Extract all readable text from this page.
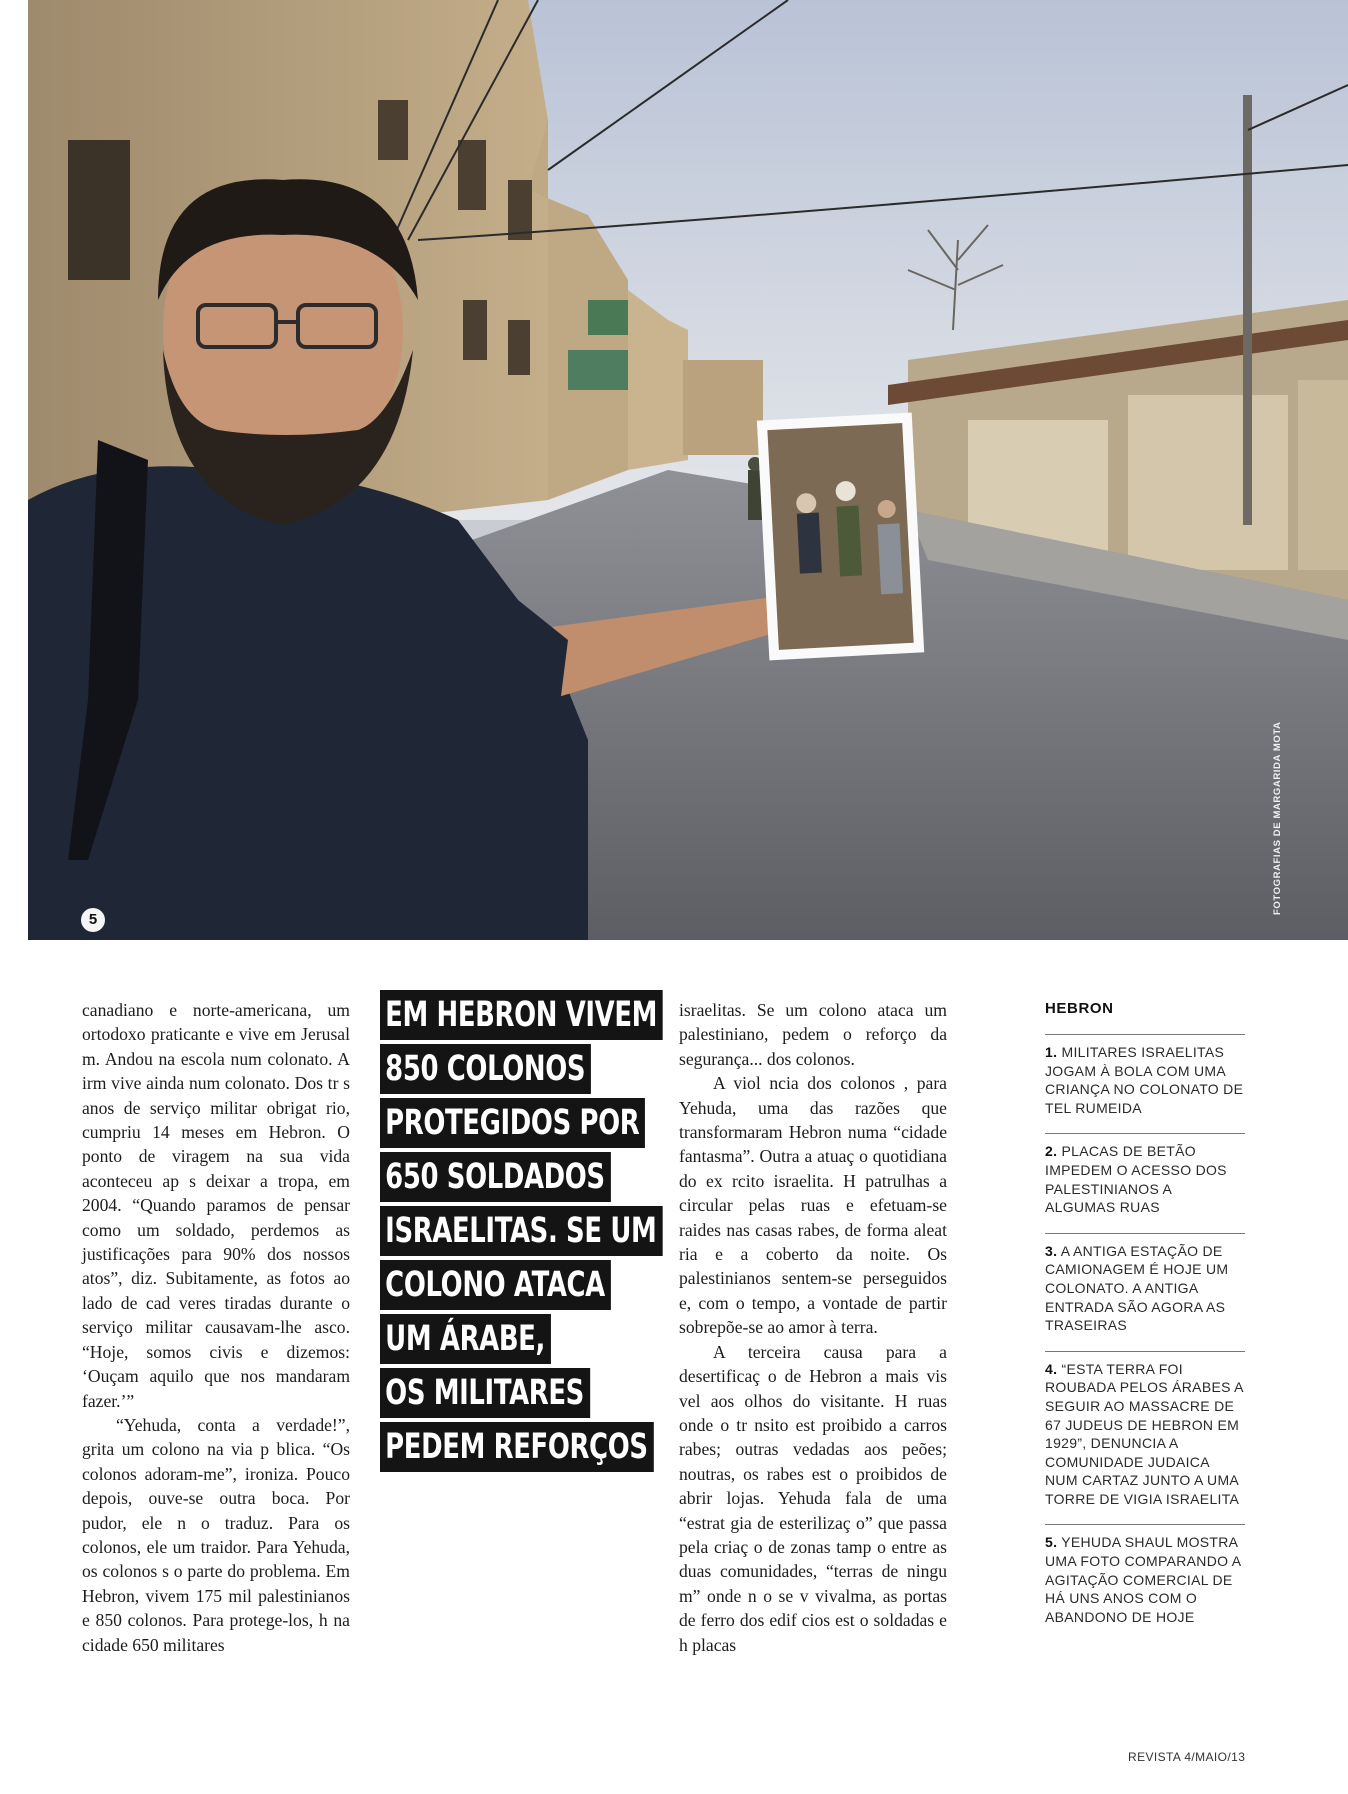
5
FOTOGRAFIAS DE MARGARIDA MOTA

canadiano e norte-americana, um ortodoxo praticante e vive em Jerusal m. Andou na escola num colonato. A irm vive ainda num colonato. Dos tr s anos de serviço militar obrigat rio, cumpriu 14 meses em Hebron. O ponto de viragem na sua vida aconteceu ap s deixar a tropa, em 2004. “Quando paramos de pensar como um soldado, perdemos as justificações para 90% dos nossos atos”, diz. Subitamente, as fotos ao lado de cad veres tiradas durante o serviço militar causavam-lhe asco. “Hoje, somos civis e dizemos: ‘Ouçam aquilo que nos mandaram fazer.’”

“Yehuda, conta a verdade!”, grita um colono na via p blica. “Os colonos adoram-me”, ironiza. Pouco depois, ouve-se outra boca. Por pudor, ele n o traduz. Para os colonos, ele um traidor. Para Yehuda, os colonos s o parte do problema. Em Hebron, vivem 175 mil palestinianos e 850 colonos. Para protege-los, h na cidade 650 militares

EM HEBRON VIVEM
850 COLONOS
PROTEGIDOS POR
650 SOLDADOS
ISRAELITAS. SE UM
COLONO ATACA
UM ÁRABE,
OS MILITARES
PEDEM REFORÇOS

israelitas. Se um colono ataca um palestiniano, pedem o reforço da segurança... dos colonos.

A viol ncia dos colonos , para Yehuda, uma das razões que transformaram Hebron numa “cidade fantasma”. Outra a atuaç o quotidiana do ex rcito israelita. H patrulhas a circular pelas ruas e efetuam-se raides nas casas rabes, de forma aleat ria e a coberto da noite. Os palestinianos sentem-se perseguidos e, com o tempo, a vontade de partir sobrepõe-se ao amor à terra.

A terceira causa para a desertificaç o de Hebron a mais vis vel aos olhos do visitante. H ruas onde o tr nsito est proibido a carros rabes; outras vedadas aos peões; noutras, os rabes est o proibidos de abrir lojas. Yehuda fala de uma “estrat gia de esterilizaç o” que passa pela criaç o de zonas tamp o entre as duas comunidades, “terras de ningu m” onde n o se v vivalma, as portas de ferro dos edif cios est o soldadas e h placas

HEBRON
1. MILITARES ISRAELITAS JOGAM À BOLA COM UMA CRIANÇA NO COLONATO DE TEL RUMEIDA
2. PLACAS DE BETÃO IMPEDEM O ACESSO DOS PALESTINIANOS A ALGUMAS RUAS
3. A ANTIGA ESTAÇÃO DE CAMIONAGEM É HOJE UM COLONATO. A ANTIGA ENTRADA SÃO AGORA AS TRASEIRAS
4. “ESTA TERRA FOI ROUBADA PELOS ÁRABES A SEGUIR AO MASSACRE DE 67 JUDEUS DE HEBRON EM 1929”, DENUNCIA A COMUNIDADE JUDAICA NUM CARTAZ JUNTO A UMA TORRE DE VIGIA ISRAELITA
5. YEHUDA SHAUL MOSTRA UMA FOTO COMPARANDO A AGITAÇÃO COMERCIAL DE HÁ UNS ANOS COM O ABANDONO DE HOJE
REVISTA 4/MAIO/13
